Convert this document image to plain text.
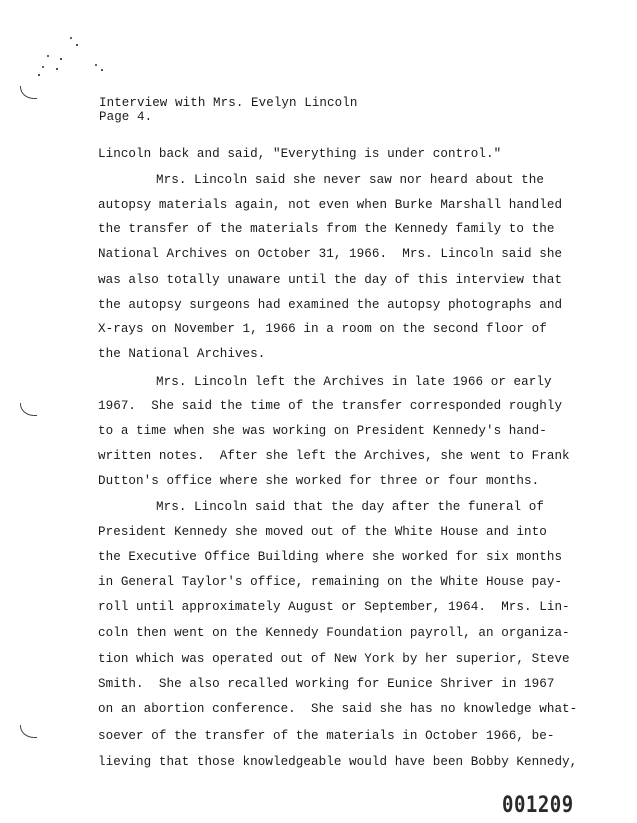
Interview with Mrs. Evelyn Lincoln
Page 4.
Lincoln back and said, "Everything is under control."
Mrs. Lincoln said she never saw nor heard about the
autopsy materials again, not even when Burke Marshall handled
the transfer of the materials from the Kennedy family to the
National Archives on October 31, 1966.  Mrs. Lincoln said she
was also totally unaware until the day of this interview that
the autopsy surgeons had examined the autopsy photographs and
X-rays on November 1, 1966 in a room on the second floor of
the National Archives.
Mrs. Lincoln left the Archives in late 1966 or early
1967.  She said the time of the transfer corresponded roughly
to a time when she was working on President Kennedy's hand-
written notes.  After she left the Archives, she went to Frank
Dutton's office where she worked for three or four months.
Mrs. Lincoln said that the day after the funeral of
President Kennedy she moved out of the White House and into
the Executive Office Building where she worked for six months
in General Taylor's office, remaining on the White House pay-
roll until approximately August or September, 1964.  Mrs. Lin-
coln then went on the Kennedy Foundation payroll, an organiza-
tion which was operated out of New York by her superior, Steve
Smith.  She also recalled working for Eunice Shriver in 1967
on an abortion conference.  She said she has no knowledge what-
soever of the transfer of the materials in October 1966, be-
lieving that those knowledgeable would have been Bobby Kennedy,
001209
